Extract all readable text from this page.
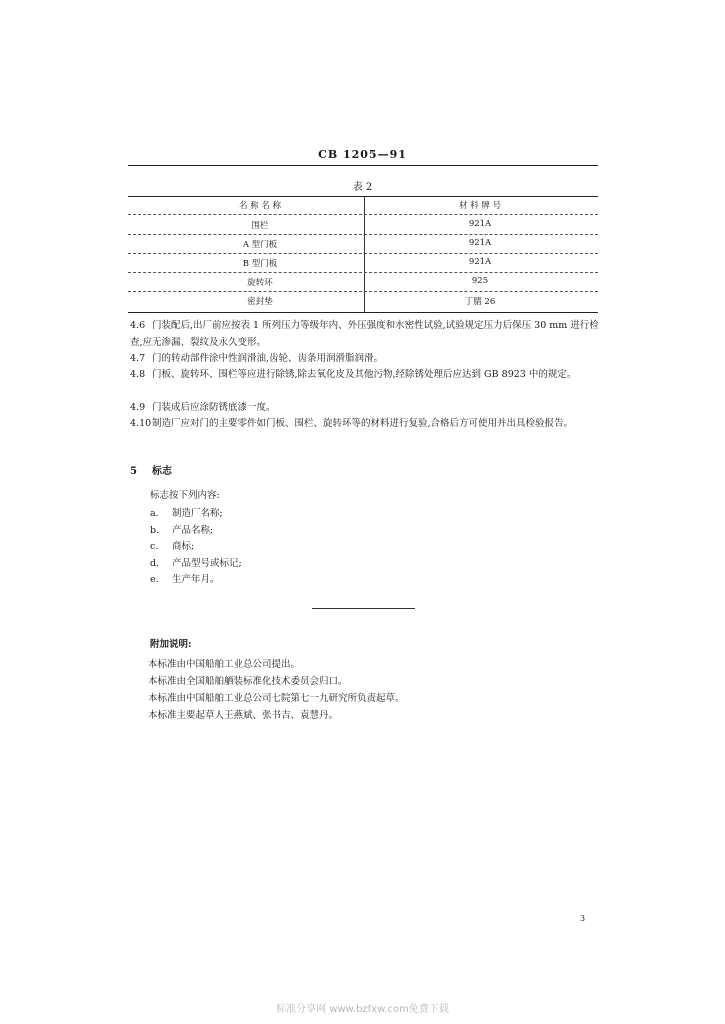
CB 1205—91
表 2
名 称 名 称	材 料 牌 号
围栏	921A
A 型门板	921A
B 型门板	921A
旋转环	925
密封垫	丁腈 26
4.6 门装配后,出厂前应按表 1 所列压力等级年内、外压强度和水密性试验,试验规定压力后保压 30 mm 进行检查,应无渗漏、裂纹及永久变形。
4.7 门的转动部件涂中性润滑油,齿轮、齿条用润滑脂润滑。
4.8 门板、旋转环、围栏等应进行除锈,除去氧化皮及其他污物,经除锈处理后应达到 GB 8923 中的规定。
4.9 门装成后应涂防锈底漆一度。
4.10制造厂应对门的主要零件如门板、围栏、旋转环等的材料进行复验,合格后方可使用并出具检验报告。
5 标志
标志按下列内容:
a. 制造厂名称;
b. 产品名称;
c. 商标;
d. 产品型号或标记;
e. 生产年月。
附加说明:
本标准由中国船舶工业总公司提出。
本标准由全国船舶舾装标准化技术委员会归口。
本标准由中国船舶工业总公司七院第七一九研究所负责起草。
本标准主要起草人王燕斌、张书吉、袁慧丹。
3
标准分享网 www.bzfxw.com免费下载
